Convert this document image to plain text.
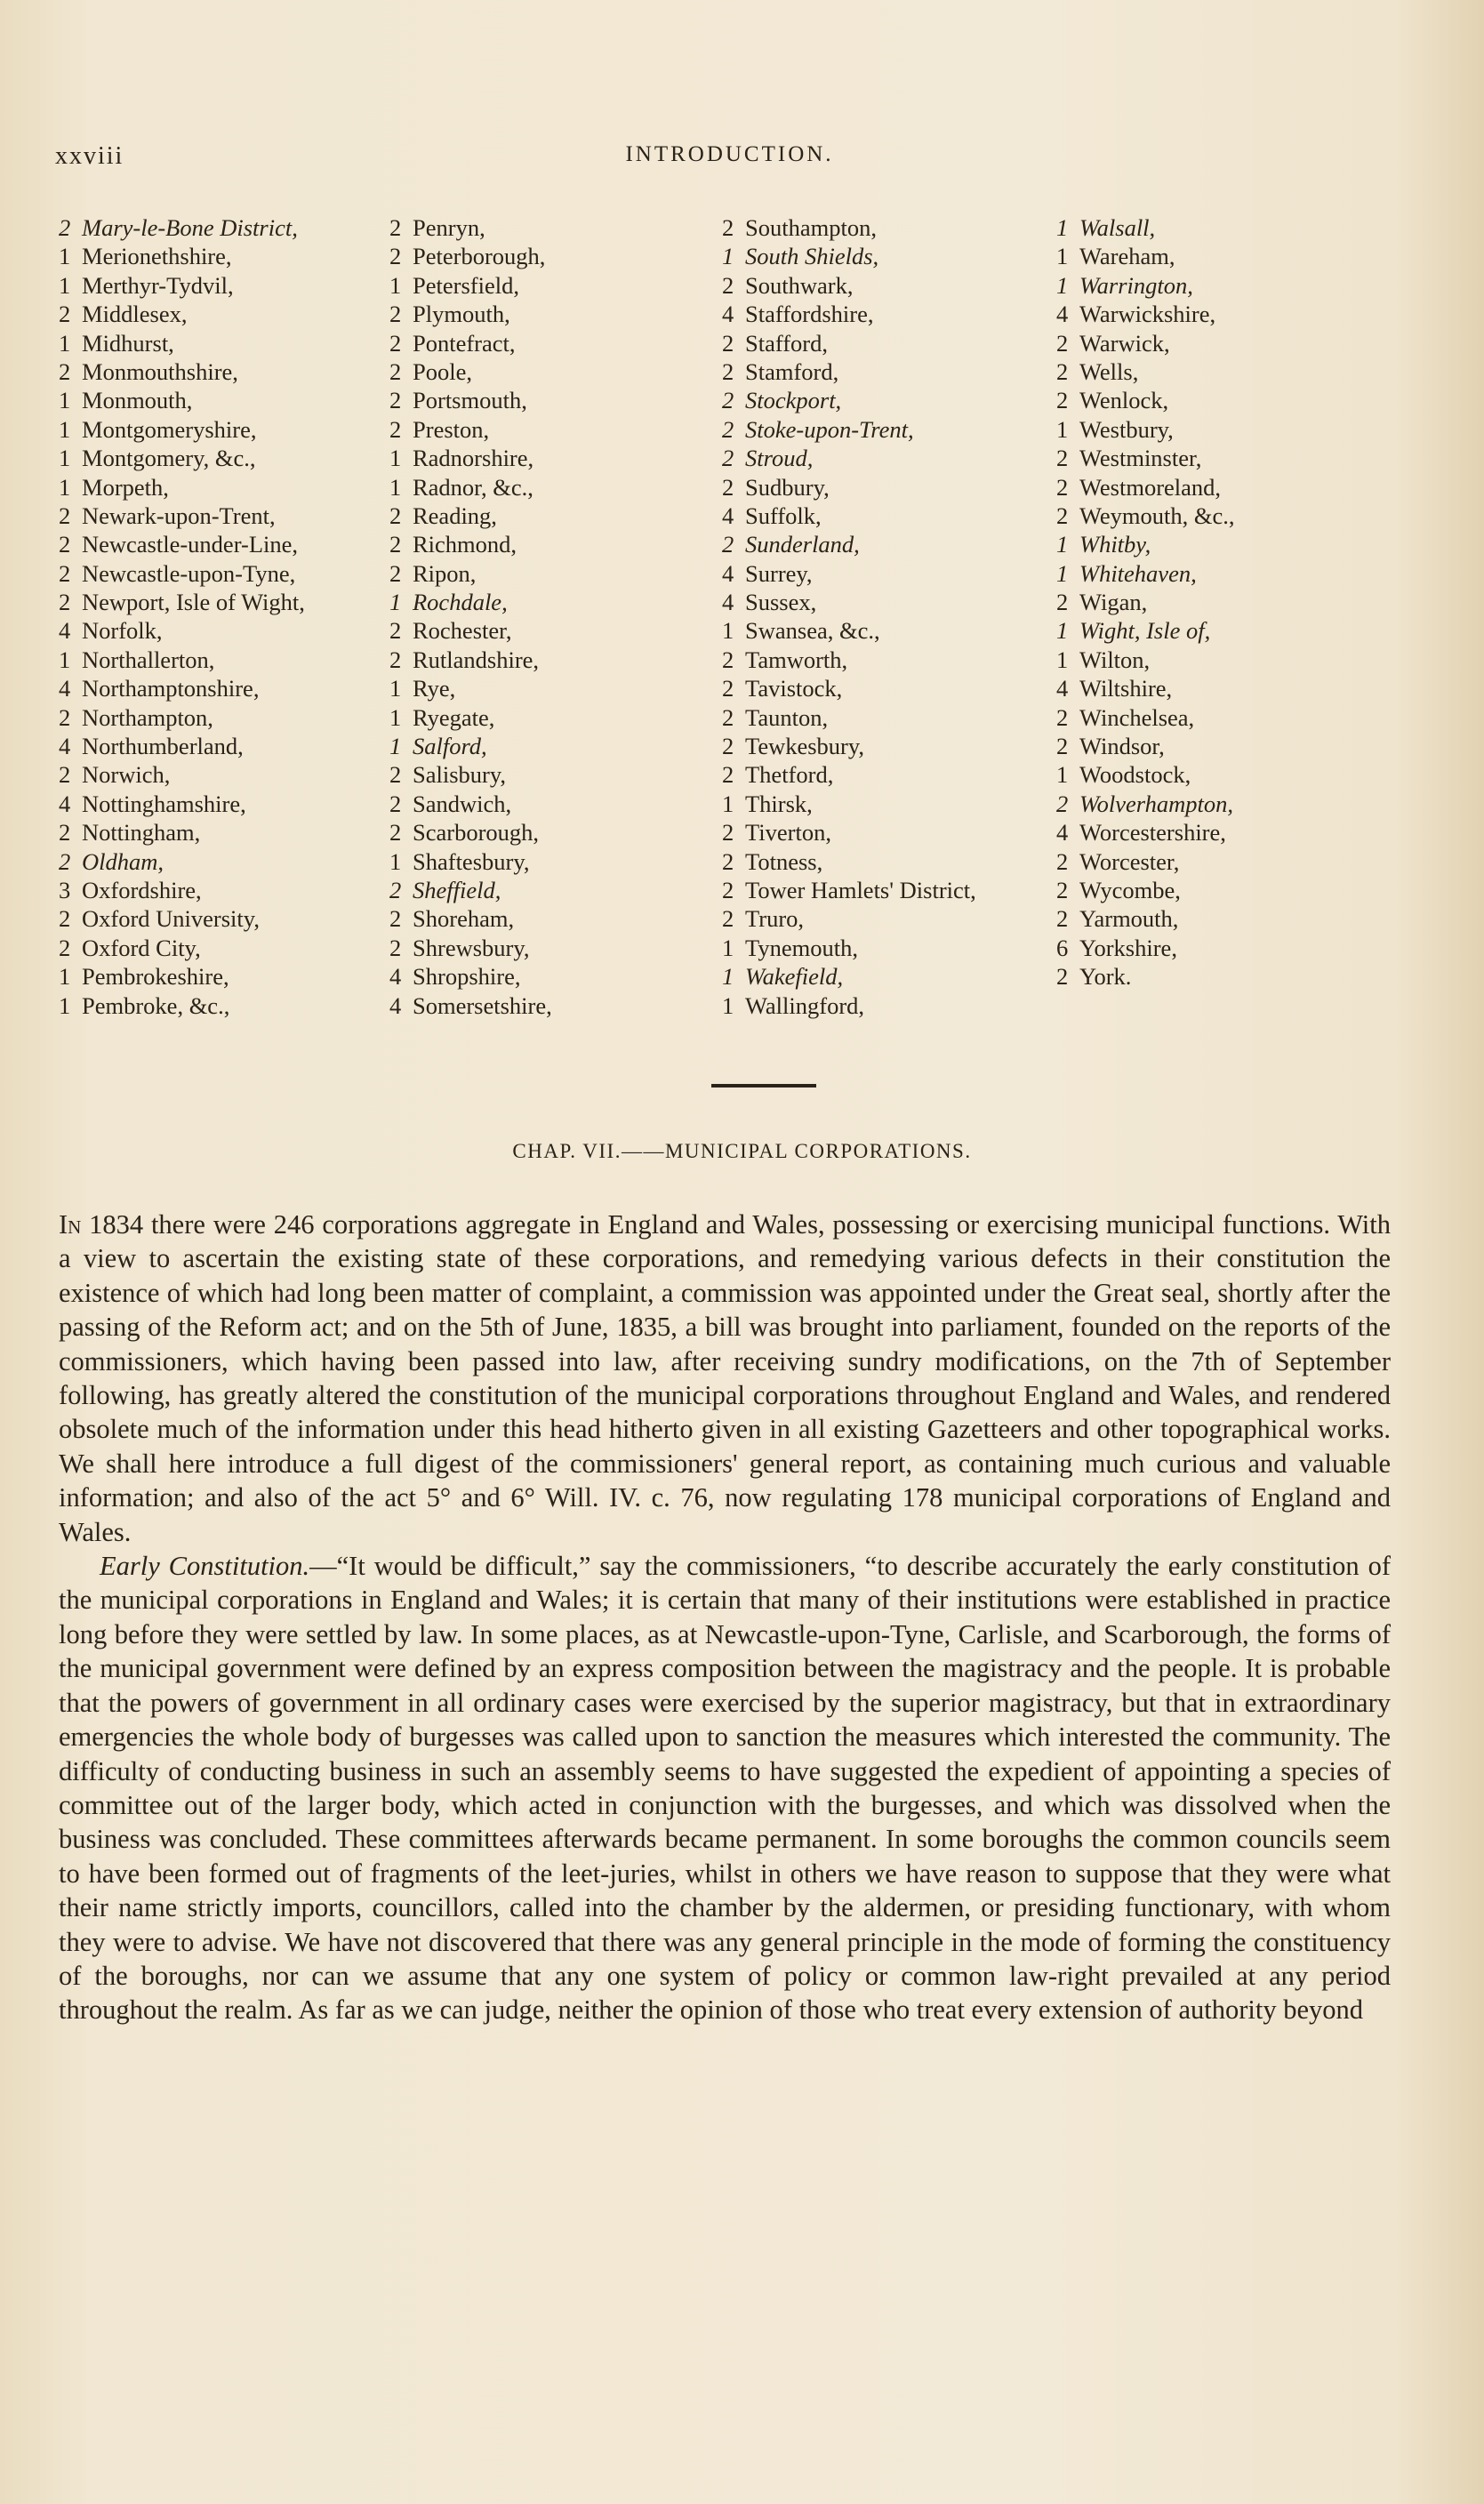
xxviii	INTRODUCTION.
2 Mary-le-Bone District,
1 Merionethshire,
1 Merthyr-Tydvil,
2 Middlesex,
1 Midhurst,
2 Monmouthshire,
1 Monmouth,
1 Montgomeryshire,
1 Montgomery, &c.,
1 Morpeth,
2 Newark-upon-Trent,
2 Newcastle-under-Line,
2 Newcastle-upon-Tyne,
2 Newport, Isle of Wight,
4 Norfolk,
1 Northallerton,
4 Northamptonshire,
2 Northampton,
4 Northumberland,
2 Norwich,
4 Nottinghamshire,
2 Nottingham,
2 Oldham,
3 Oxfordshire,
2 Oxford University,
2 Oxford City,
1 Pembrokeshire,
1 Pembroke, &c.,
2 Penryn,
2 Peterborough,
1 Petersfield,
2 Plymouth,
2 Pontefract,
2 Poole,
2 Portsmouth,
2 Preston,
1 Radnorshire,
1 Radnor, &c.,
2 Reading,
2 Richmond,
2 Ripon,
1 Rochdale,
2 Rochester,
2 Rutlandshire,
1 Rye,
1 Ryegate,
1 Salford,
2 Salisbury,
2 Sandwich,
2 Scarborough,
1 Shaftesbury,
2 Sheffield,
2 Shoreham,
2 Shrewsbury,
4 Shropshire,
4 Somersetshire,
2 Southampton,
1 South Shields,
2 Southwark,
4 Staffordshire,
2 Stafford,
2 Stamford,
2 Stockport,
2 Stoke-upon-Trent,
2 Stroud,
2 Sudbury,
4 Suffolk,
2 Sunderland,
4 Surrey,
4 Sussex,
1 Swansea, &c.,
2 Tamworth,
2 Tavistock,
2 Taunton,
2 Tewkesbury,
2 Thetford,
1 Thirsk,
2 Tiverton,
2 Totness,
2 Tower Hamlets' District,
2 Truro,
1 Tynemouth,
1 Wakefield,
1 Wallingford,
1 Walsall,
1 Wareham,
1 Warrington,
4 Warwickshire,
2 Warwick,
2 Wells,
2 Wenlock,
1 Westbury,
2 Westminster,
2 Westmoreland,
2 Weymouth, &c.,
1 Whitby,
1 Whitehaven,
2 Wigan,
1 Wight, Isle of,
1 Wilton,
4 Wiltshire,
2 Winchelsea,
2 Windsor,
1 Woodstock,
2 Wolverhampton,
4 Worcestershire,
2 Worcester,
2 Wycombe,
2 Yarmouth,
6 Yorkshire,
2 York.
CHAP. VII.——MUNICIPAL CORPORATIONS.

In 1834 there were 246 corporations aggregate in England and Wales, possessing or exercising municipal functions. With a view to ascertain the existing state of these corporations, and remedying various defects in their constitution the existence of which had long been matter of complaint, a commission was appointed under the Great seal, shortly after the passing of the Reform act; and on the 5th of June, 1835, a bill was brought into parliament, founded on the reports of the commissioners, which having been passed into law, after receiving sundry modifications, on the 7th of September following, has greatly altered the constitution of the municipal corporations throughout England and Wales, and rendered obsolete much of the information under this head hitherto given in all existing Gazetteers and other topographical works. We shall here introduce a full digest of the commissioners' general report, as containing much curious and valuable information; and also of the act 5° and 6° Will. IV. c. 76, now regulating 178 municipal corporations of England and Wales.

Early Constitution.—“It would be difficult,” say the commissioners, “to describe accurately the early constitution of the municipal corporations in England and Wales; it is certain that many of their institutions were established in practice long before they were settled by law. In some places, as at Newcastle-upon-Tyne, Carlisle, and Scarborough, the forms of the municipal government were defined by an express composition between the magistracy and the people. It is probable that the powers of government in all ordinary cases were exercised by the superior magistracy, but that in extraordinary emergencies the whole body of burgesses was called upon to sanction the measures which interested the community. The difficulty of conducting business in such an assembly seems to have suggested the expedient of appointing a species of committee out of the larger body, which acted in conjunction with the burgesses, and which was dissolved when the business was concluded. These committees afterwards became permanent. In some boroughs the common councils seem to have been formed out of fragments of the leet-juries, whilst in others we have reason to suppose that they were what their name strictly imports, councillors, called into the chamber by the aldermen, or presiding functionary, with whom they were to advise. We have not discovered that there was any general principle in the mode of forming the constituency of the boroughs, nor can we assume that any one system of policy or common law-right prevailed at any period throughout the realm. As far as we can judge, neither the opinion of those who treat every extension of authority beyond
